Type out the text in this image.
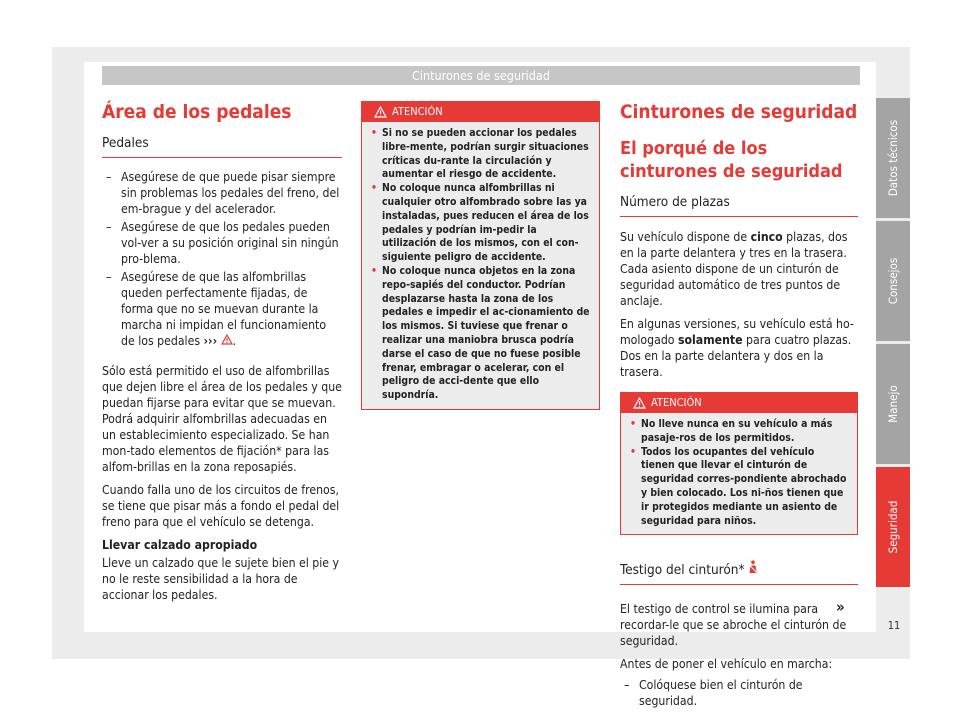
Cinturones de seguridad
Área de los pedales
Pedales
– Asegúrese de que puede pisar siempre sin problemas los pedales del freno, del em-brague y del acelerador.
– Asegúrese de que los pedales pueden vol-ver a su posición original sin ningún pro-blema.
– Asegúrese de que las alfombrillas queden perfectamente fijadas, de forma que no se muevan durante la marcha ni impidan el funcionamiento de los pedales ››› .

Sólo está permitido el uso de alfombrillas que dejen libre el área de los pedales y que puedan fijarse para evitar que se muevan. Podrá adquirir alfombrillas adecuadas en un establecimiento especializado. Se han mon-tado elementos de fijación* para las alfom-brillas en la zona reposapiés.

Cuando falla uno de los circuitos de frenos, se tiene que pisar más a fondo el pedal del freno para que el vehículo se detenga.

Llevar calzado apropiado

Lleve un calzado que le sujete bien el pie y no le reste sensibilidad a la hora de accionar los pedales.

ATENCIÓN
• Si no se pueden accionar los pedales libre-mente, podrían surgir situaciones críticas du-rante la circulación y aumentar el riesgo de accidente.
• No coloque nunca alfombrillas ni cualquier otro alfombrado sobre las ya instaladas, pues reducen el área de los pedales y podrían im-pedir la utilización de los mismos, con el con-siguiente peligro de accidente.
• No coloque nunca objetos en la zona repo-sapiés del conductor. Podrían desplazarse hasta la zona de los pedales e impedir el ac-cionamiento de los mismos. Si tuviese que frenar o realizar una maniobra brusca podría darse el caso de que no fuese posible frenar, embragar o acelerar, con el peligro de acci-dente que ello supondría.
Cinturones de seguridad
El porqué de los cinturones de seguridad
Número de plazas

Su vehículo dispone de cinco plazas, dos en la parte delantera y tres en la trasera. Cada asiento dispone de un cinturón de seguridad automático de tres puntos de anclaje.

En algunas versiones, su vehículo está ho-mologado solamente para cuatro plazas. Dos en la parte delantera y dos en la trasera.

ATENCIÓN
• No lleve nunca en su vehículo a más pasaje-ros de los permitidos.
• Todos los ocupantes del vehículo tienen que llevar el cinturón de seguridad corres-pondiente abrochado y bien colocado. Los ni-ños tienen que ir protegidos mediante un asiento de seguridad para niños.
Testigo del cinturón*

El testigo de control se ilumina para recordar-le que se abroche el cinturón de seguridad.

Antes de poner el vehículo en marcha:

– Colóquese bien el cinturón de seguridad.
»
Datos técnicos
Consejos
Manejo
Seguridad
11
